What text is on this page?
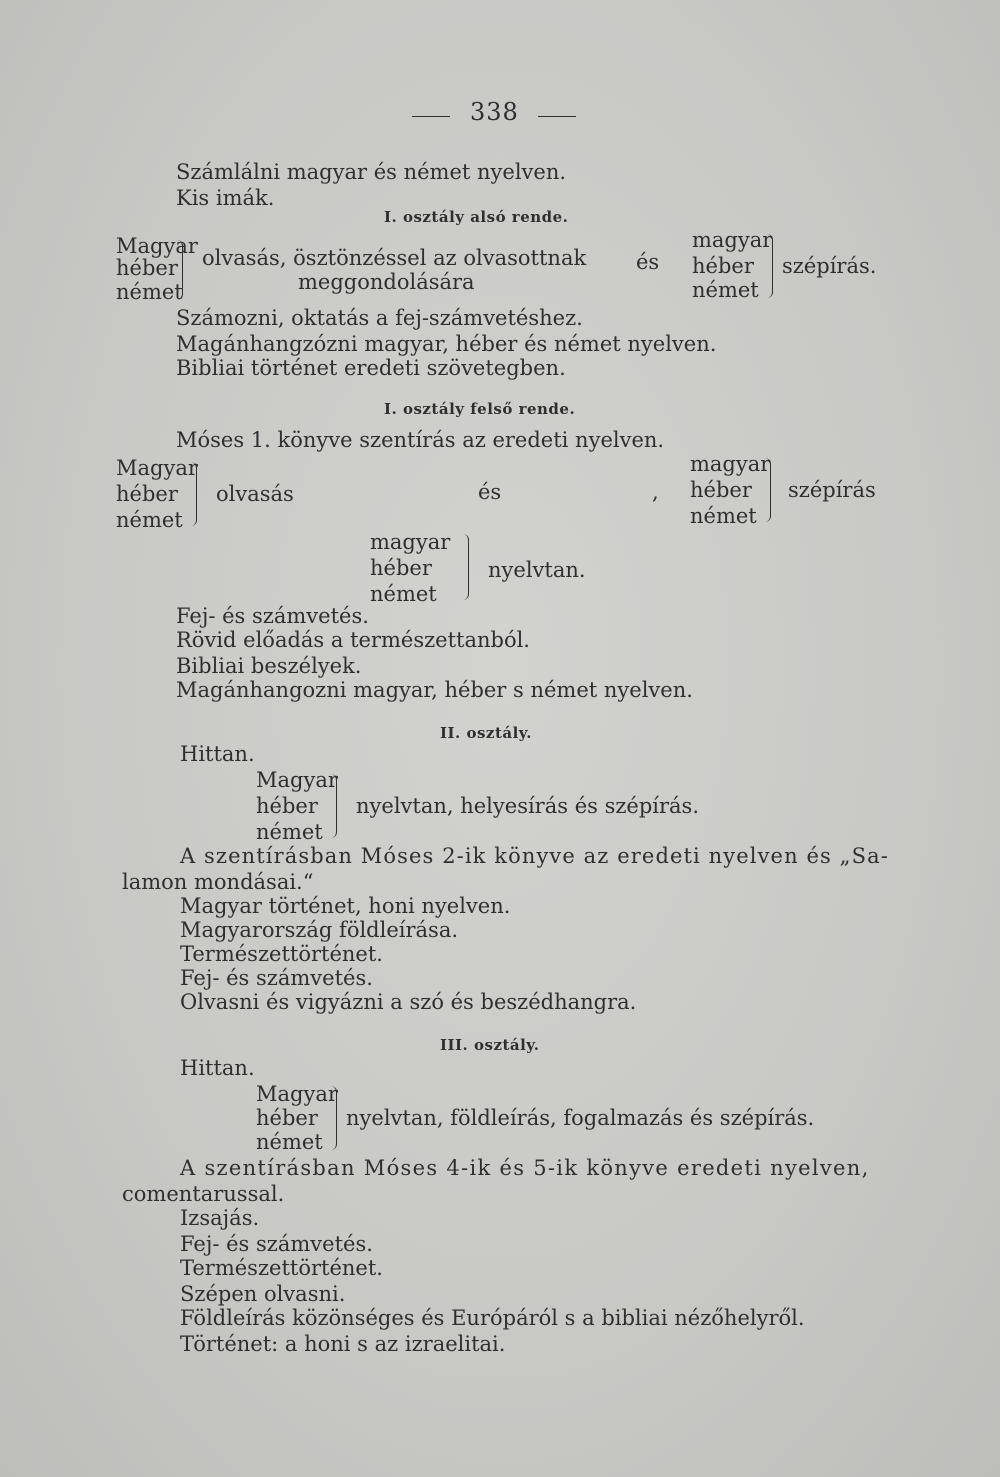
338
Számlálni magyar és német nyelven.
Kis imák.
I. osztály alsó rende.
Magyar
héber
német
olvasás, ösztönzéssel az olvasottnak
meggondolására
és
magyar
héber
német
szépírás.
Számozni, oktatás a fej-számvetéshez.
Magánhangzózni magyar, héber és német nyelven.
Bibliai történet eredeti szövetegben.
I. osztály felső rende.
Móses 1. könyve szentírás az eredeti nyelven.
Magyar
héber
német
olvasás	és	,
magyar
héber
német
szépírás
magyar
héber
német
nyelvtan.
Fej- és számvetés.
Rövid előadás a természettanból.
Bibliai beszélyek.
Magánhangozni magyar, héber s német nyelven.
II. osztály.
Hittan.
Magyar
héber
német
nyelvtan, helyesírás és szépírás.
A szentírásban Móses 2-ik könyve az eredeti nyelven és „Sa-
lamon mondásai.“
Magyar történet, honi nyelven.
Magyarország földleírása.
Természettörténet.
Fej- és számvetés.
Olvasni és vigyázni a szó és beszédhangra.
III. osztály.
Hittan.
Magyar
héber
német
nyelvtan, földleírás, fogalmazás és szépírás.
A szentírásban Móses 4-ik és 5-ik könyve eredeti nyelven,
comentarussal.
Izsajás.
Fej- és számvetés.
Természettörténet.
Szépen olvasni.
Földleírás közönséges és Európáról s a bibliai nézőhelyről.
Történet: a honi s az izraelitai.
